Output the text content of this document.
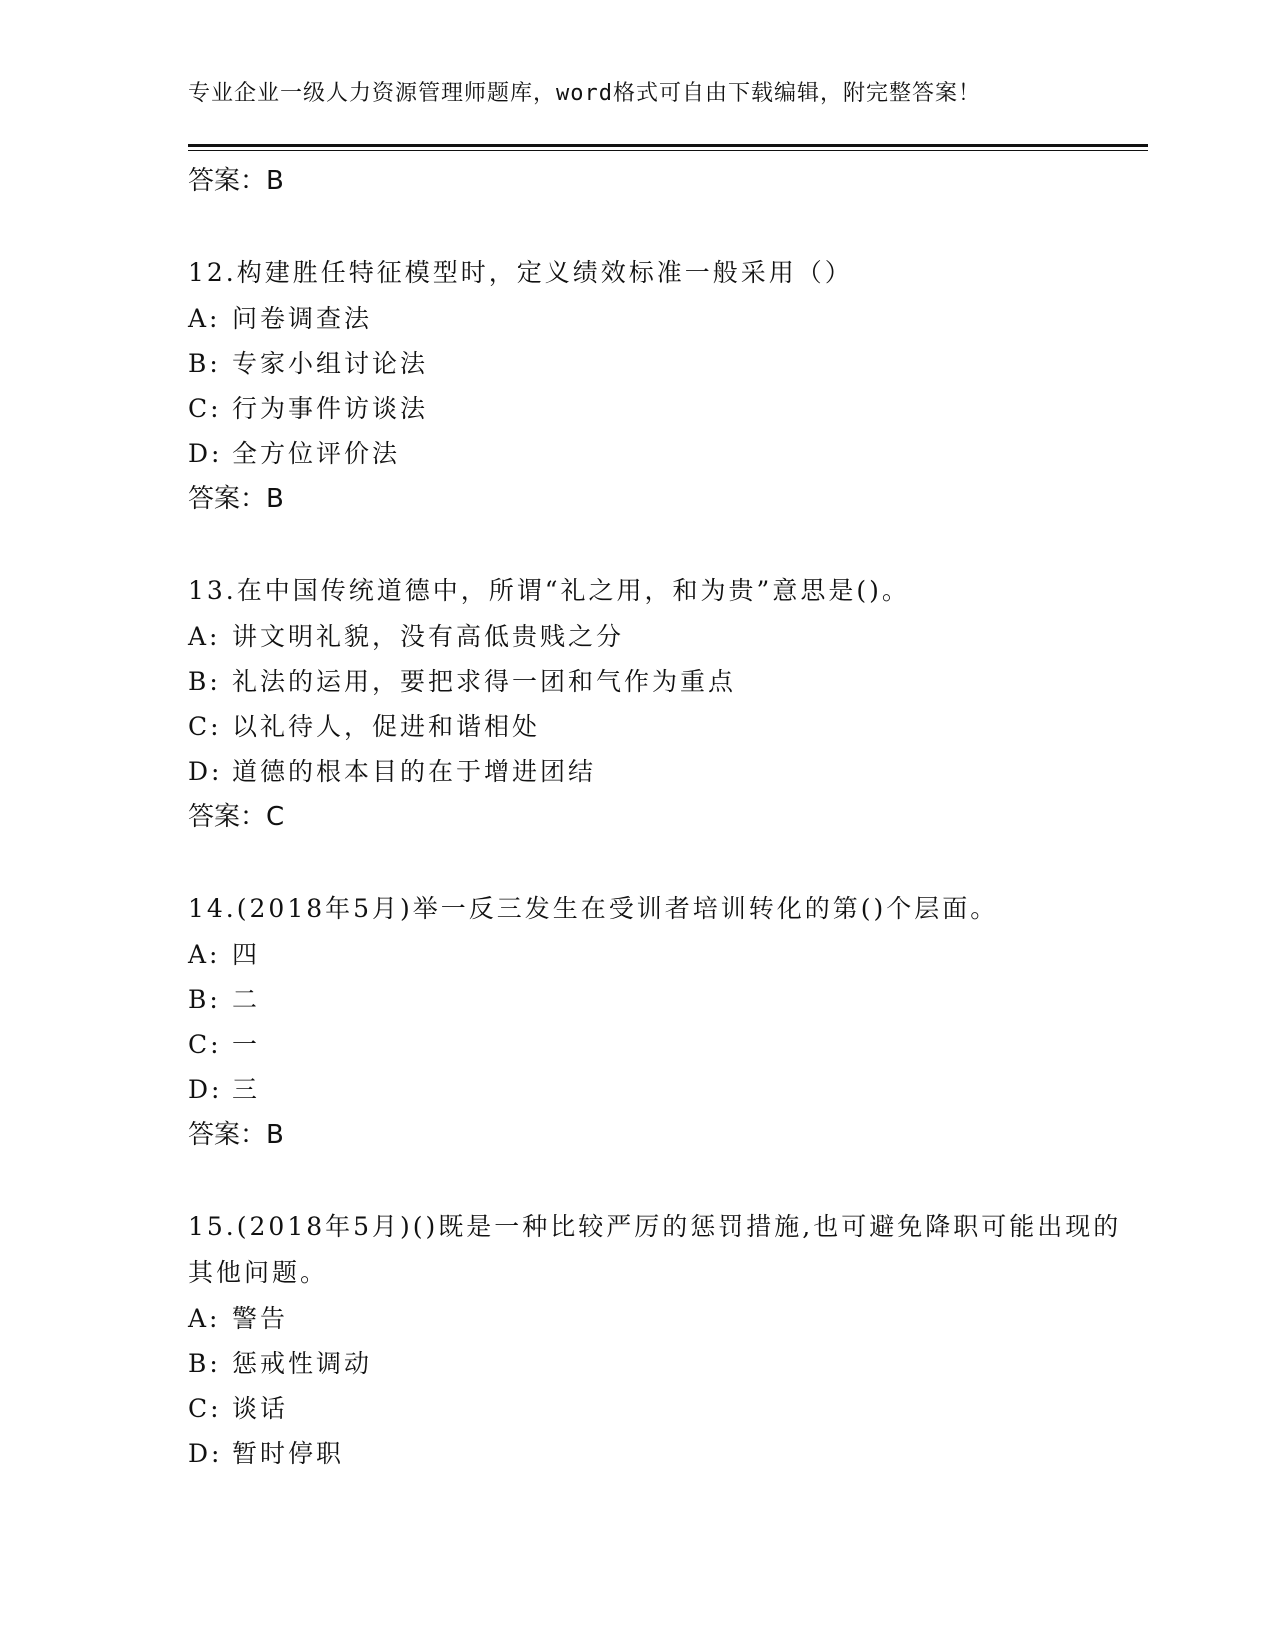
专业企业一级人力资源管理师题库，word格式可自由下载编辑，附完整答案！
答案：B
12.构建胜任特征模型时，定义绩效标准一般采用（）
A: 问卷调查法
B: 专家小组讨论法
C: 行为事件访谈法
D: 全方位评价法
答案：B
13.在中国传统道德中，所谓“礼之用，和为贵”意思是()。
A: 讲文明礼貌，没有高低贵贱之分
B: 礼法的运用，要把求得一团和气作为重点
C: 以礼待人，促进和谐相处
D: 道德的根本目的在于增进团结
答案：C
14.(2018年5月)举一反三发生在受训者培训转化的第()个层面。
A: 四
B: 二
C: 一
D: 三
答案：B
15.(2018年5月)()既是一种比较严厉的惩罚措施,也可避免降职可能出现的其他问题。
A: 警告
B: 惩戒性调动
C: 谈话
D: 暂时停职
